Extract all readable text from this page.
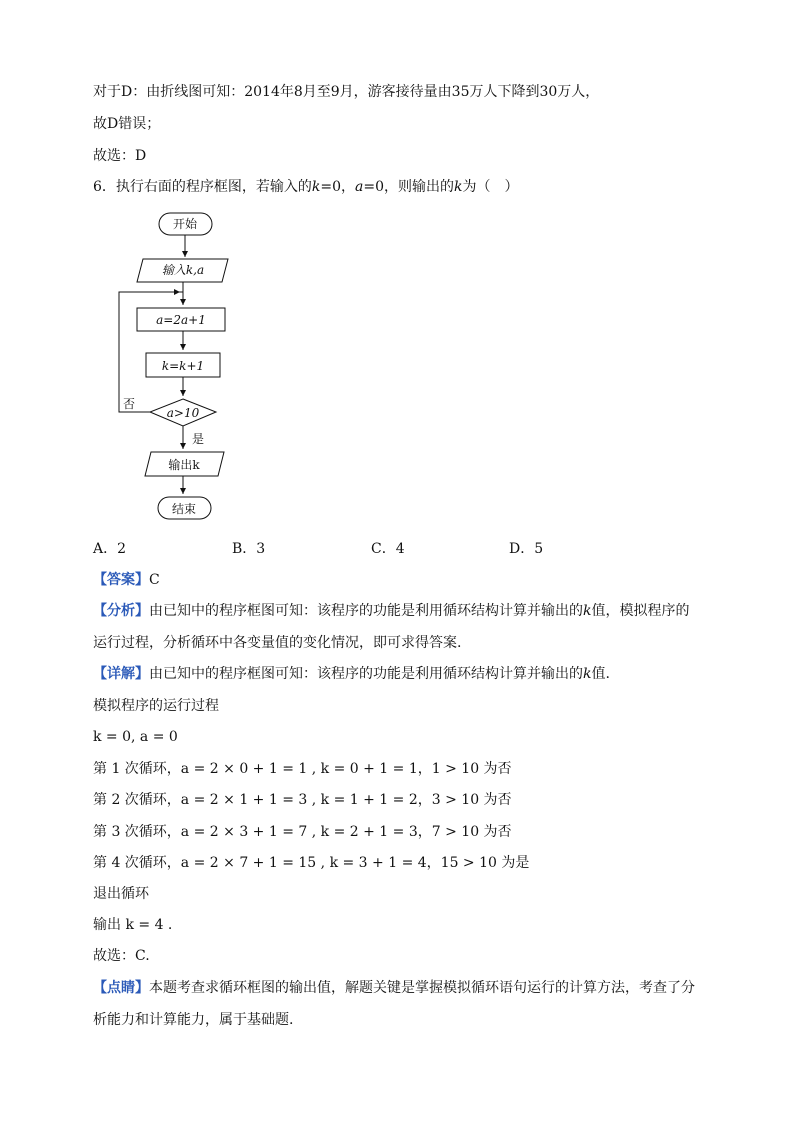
对于D：由折线图可知：2014年8月至9月，游客接待量由35万人下降到30万人，
故D错误；
故选：D
6．执行右面的程序框图，若输入的k=0，a=0，则输出的k为（　）
开始
输入k,a
a=2a+1
k=k+1
a>10
否
是
输出k
结束
A．2	B．3	C．4	D．5
【答案】C
【分析】由已知中的程序框图可知：该程序的功能是利用循环结构计算并输出的k值，模拟程序的
运行过程，分析循环中各变量值的变化情况，即可求得答案.
【详解】由已知中的程序框图可知：该程序的功能是利用循环结构计算并输出的k值.
模拟程序的运行过程
k = 0, a = 0
第 1 次循环，a = 2 × 0 + 1 = 1 , k = 0 + 1 = 1，1 > 10 为否
第 2 次循环，a = 2 × 1 + 1 = 3 , k = 1 + 1 = 2，3 > 10 为否
第 3 次循环，a = 2 × 3 + 1 = 7 , k = 2 + 1 = 3，7 > 10 为否
第 4 次循环，a = 2 × 7 + 1 = 15 , k = 3 + 1 = 4，15 > 10 为是
退出循环
输出 k = 4 .
故选：C.
【点睛】本题考查求循环框图的输出值，解题关键是掌握模拟循环语句运行的计算方法，考查了分
析能力和计算能力，属于基础题.
